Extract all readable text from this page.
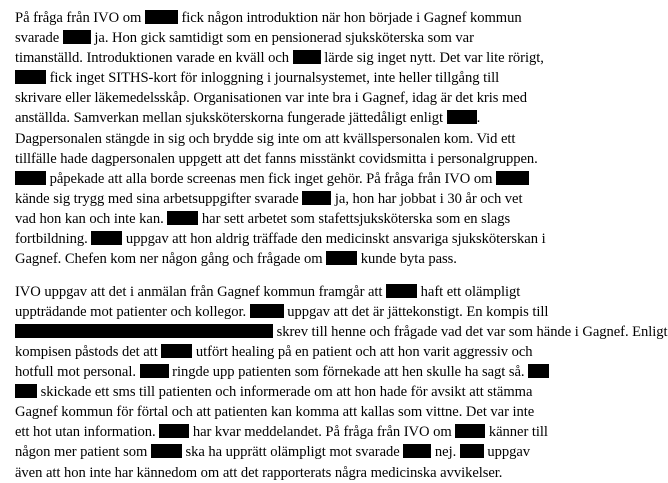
På fråga från IVO om  fick någon introduktion när hon började i Gagnef kommun
svarade  ja. Hon gick samtidigt som en pensionerad sjuksköterska som var
timanställd. Introduktionen varade en kväll och  lärde sig inget nytt. Det var lite rörigt,
fick inget SITHS-kort för inloggning i journalsystemet, inte heller tillgång till
skrivare eller läkemedelsskåp. Organisationen var inte bra i Gagnef, idag är det kris med
anställda. Samverkan mellan sjuksköterskorna fungerade jättedåligt enligt .
Dagpersonalen stängde in sig och brydde sig inte om att kvällspersonalen kom. Vid ett
tillfälle hade dagpersonalen uppgett att det fanns misstänkt covidsmitta i personalgruppen.
påpekade att alla borde screenas men fick inget gehör. På fråga från IVO om
kände sig trygg med sina arbetsuppgifter svarade  ja, hon har jobbat i 30 år och vet
vad hon kan och inte kan.  har sett arbetet som stafettsjuksköterska som en slags
fortbildning.  uppgav att hon aldrig träffade den medicinskt ansvariga sjuksköterskan i
Gagnef. Chefen kom ner någon gång och frågade om  kunde byta pass.
IVO uppgav att det i anmälan från Gagnef kommun framgår att  haft ett olämpligt
uppträdande mot patienter och kollegor.  uppgav att det är jättekonstigt. En kompis till
skrev till henne och frågade vad det var som hände i Gagnef. Enligt
kompisen påstods det att  utfört healing på en patient och att hon varit aggressiv och
hotfull mot personal.  ringde upp patienten som förnekade att hen skulle ha sagt så.
skickade ett sms till patienten och informerade om att hon hade för avsikt att stämma
Gagnef kommun för förtal och att patienten kan komma att kallas som vittne. Det var inte
ett hot utan information.  har kvar meddelandet. På fråga från IVO om  känner till
någon mer patient som  ska ha upprätt olämpligt mot svarade  nej.  uppgav
även att hon inte har kännedom om att det rapporterats några medicinska avvikelser.
